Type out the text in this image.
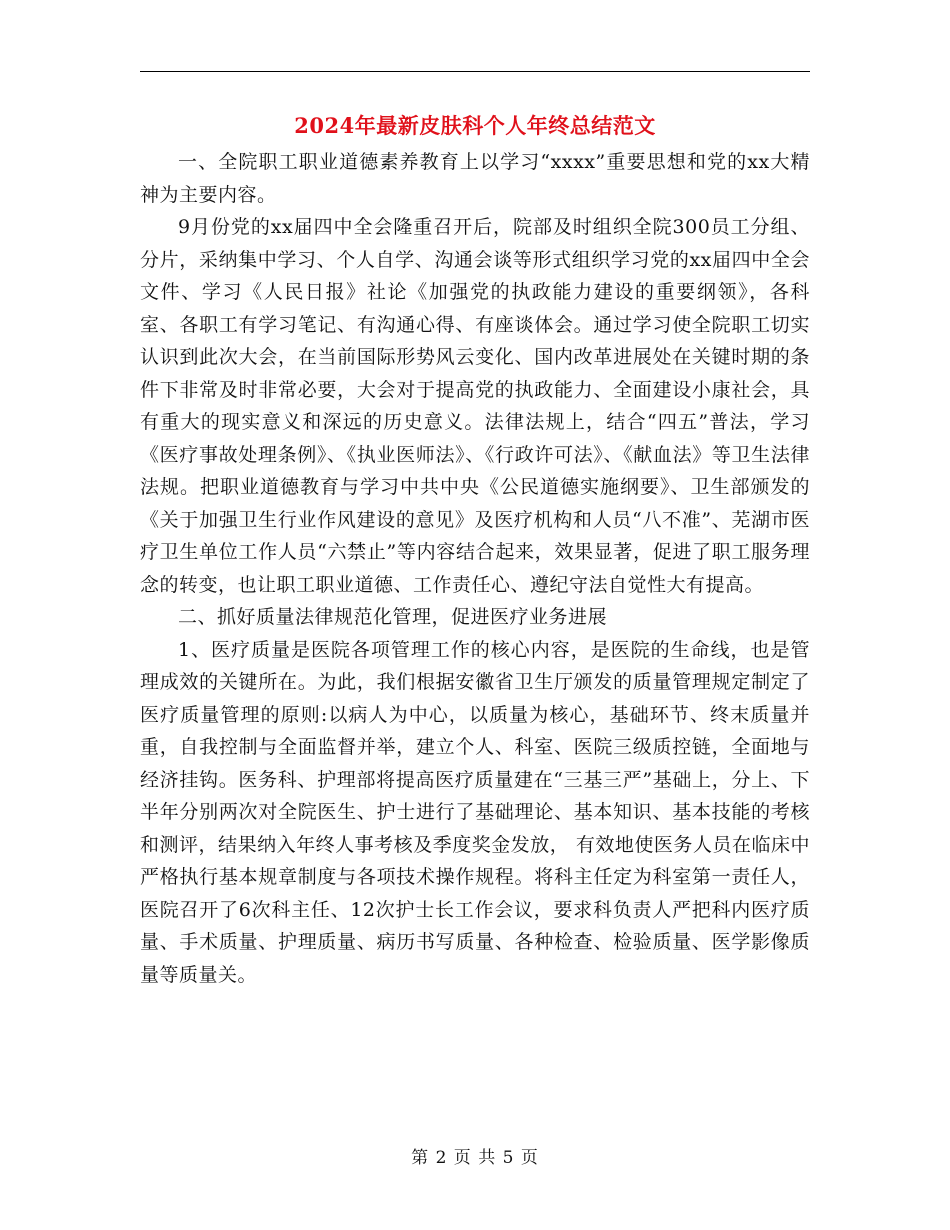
2024年最新皮肤科个人年终总结范文

一、全院职工职业道德素养教育上以学习“xxxx”重要思想和党的xx大精神为主要内容。

9月份党的xx届四中全会隆重召开后，院部及时组织全院300员工分组、分片，采纳集中学习、个人自学、沟通会谈等形式组织学习党的xx届四中全会文件、学习《人民日报》社论《加强党的执政能力建设的重要纲领》，各科室、各职工有学习笔记、有沟通心得、有座谈体会。通过学习使全院职工切实认识到此次大会，在当前国际形势风云变化、国内改革进展处在关键时期的条件下非常及时非常必要，大会对于提高党的执政能力、全面建设小康社会，具有重大的现实意义和深远的历史意义。法律法规上，结合“四五”普法，学习《医疗事故处理条例》、《执业医师法》、《行政许可法》、《献血法》等卫生法律法规。把职业道德教育与学习中共中央《公民道德实施纲要》、卫生部颁发的《关于加强卫生行业作风建设的意见》及医疗机构和人员“八不准”、芜湖市医疗卫生单位工作人员“六禁止”等内容结合起来，效果显著，促进了职工服务理念的转变，也让职工职业道德、工作责任心、遵纪守法自觉性大有提高。

二、抓好质量法律规范化管理，促进医疗业务进展

1、医疗质量是医院各项管理工作的核心内容，是医院的生命线，也是管理成效的关键所在。为此，我们根据安徽省卫生厅颁发的质量管理规定制定了医疗质量管理的原则:以病人为中心，以质量为核心，基础环节、终末质量并重，自我控制与全面监督并举，建立个人、科室、医院三级质控链，全面地与经济挂钩。医务科、护理部将提高医疗质量建在“三基三严”基础上，分上、下半年分别两次对全院医生、护士进行了基础理论、基本知识、基本技能的考核和测评，结果纳入年终人事考核及季度奖金发放， 有效地使医务人员在临床中严格执行基本规章制度与各项技术操作规程。将科主任定为科室第一责任人，医院召开了6次科主任、12次护士长工作会议，要求科负责人严把科内医疗质量、手术质量、护理质量、病历书写质量、各种检查、检验质量、医学影像质量等质量关。

第 2 页 共 5 页
